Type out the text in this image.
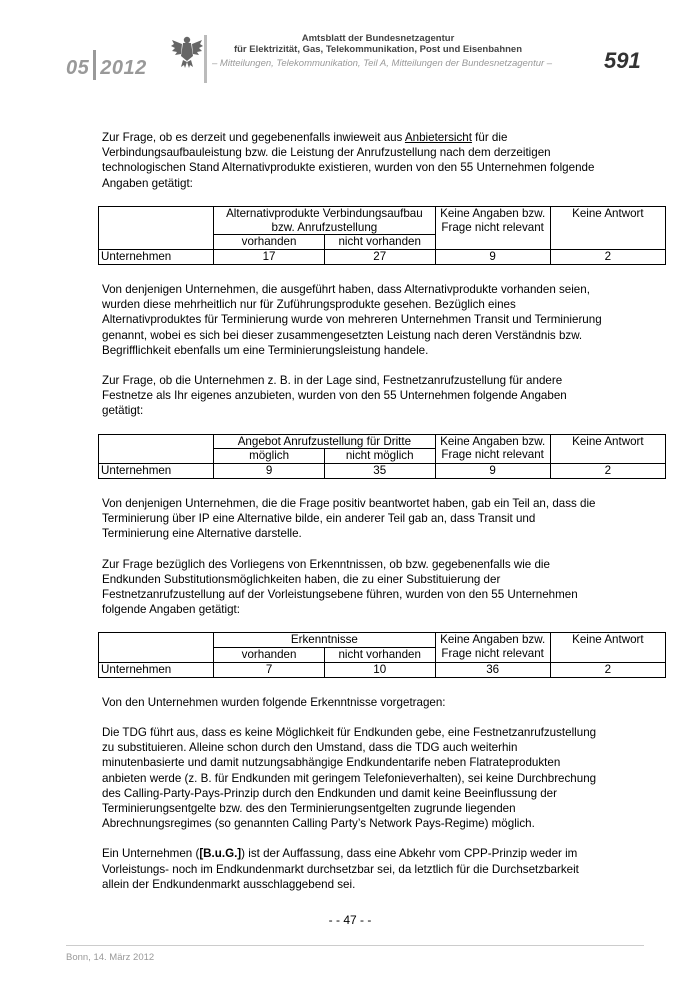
05 2012
Amtsblatt der Bundesnetzagentur
für Elektrizität, Gas, Telekommunikation, Post und Eisenbahnen
– Mitteilungen, Telekommunikation, Teil A, Mitteilungen der Bundesnetzagentur – 591

Zur Frage, ob es derzeit und gegebenenfalls inwieweit aus Anbietersicht für die Verbindungsaufbauleistung bzw. die Leistung der Anrufzustellung nach dem derzeitigen technologischen Stand Alternativprodukte existieren, wurden von den 55 Unternehmen folgende Angaben getätigt:

	Alternativprodukte Verbindungsaufbau bzw. Anrufzustellung		Keine Angaben bzw. Frage nicht relevant	Keine Antwort
	vorhanden	nicht vorhanden		
Unternehmen	17	27	9	2

Von denjenigen Unternehmen, die ausgeführt haben, dass Alternativprodukte vorhanden seien, wurden diese mehrheitlich nur für Zuführungsprodukte gesehen. Bezüglich eines Alternativproduktes für Terminierung wurde von mehreren Unternehmen Transit und Terminierung genannt, wobei es sich bei dieser zusammengesetzten Leistung nach deren Verständnis bzw. Begrifflichkeit ebenfalls um eine Terminierungsleistung handele.

Zur Frage, ob die Unternehmen z. B. in der Lage sind, Festnetzanrufzustellung für andere Festnetze als Ihr eigenes anzubieten, wurden von den 55 Unternehmen folgende Angaben getätigt:

	Angebot Anrufzustellung für Dritte		Keine Angaben bzw. Frage nicht relevant	Keine Antwort
	möglich	nicht möglich		
Unternehmen	9	35	9	2

Von denjenigen Unternehmen, die die Frage positiv beantwortet haben, gab ein Teil an, dass die Terminierung über IP eine Alternative bilde, ein anderer Teil gab an, dass Transit und Terminierung eine Alternative darstelle.

Zur Frage bezüglich des Vorliegens von Erkenntnissen, ob bzw. gegebenenfalls wie die Endkunden Substitutionsmöglichkeiten haben, die zu einer Substituierung der Festnetzanrufzustellung auf der Vorleistungsebene führen, wurden von den 55 Unternehmen folgende Angaben getätigt:

	Erkenntnisse		Keine Angaben bzw. Frage nicht relevant	Keine Antwort
	vorhanden	nicht vorhanden		
Unternehmen	7	10	36	2

Von den Unternehmen wurden folgende Erkenntnisse vorgetragen:

Die TDG führt aus, dass es keine Möglichkeit für Endkunden gebe, eine Festnetzanrufzustellung zu substituieren. Alleine schon durch den Umstand, dass die TDG auch weiterhin minutenbasierte und damit nutzungsabhängige Endkundentarife neben Flatrateprodukten anbieten werde (z. B. für Endkunden mit geringem Telefonieverhalten), sei keine Durchbrechung des Calling-Party-Pays-Prinzip durch den Endkunden und damit keine Beeinflussung der Terminierungsentgelte bzw. des den Terminierungsentgelten zugrunde liegenden Abrechnungsregimes (so genannten Calling Party’s Network Pays-Regime) möglich.

Ein Unternehmen ([B.u.G.]) ist der Auffassung, dass eine Abkehr vom CPP-Prinzip weder im Vorleistungs- noch im Endkundenmarkt durchsetzbar sei, da letztlich für die Durchsetzbarkeit allein der Endkundenmarkt ausschlaggebend sei.

- - 47 - -
Bonn, 14. März 2012
